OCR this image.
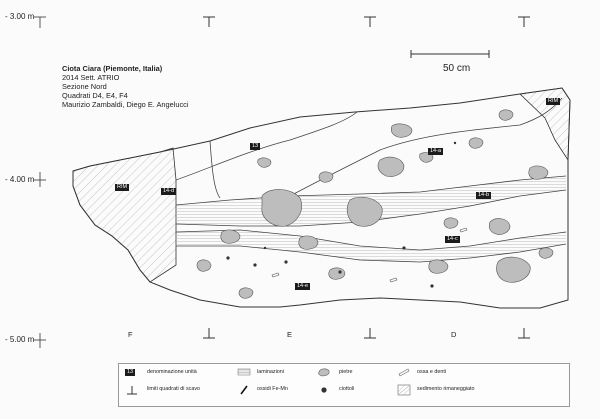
- 3.00 m
- 4.00 m
- 5.00 m
F	E	D
Ciota Ciara (Piemonte, Italia)
2014 Sett. ATRIO
Sezione Nord
Quadrati D4, E4, F4
Maurizio Zambaldi, Diego E. Angelucci
50 cm
13
14-a
14-b
14-c
14-d
14-e
RIM
RIM
13	denominazione unità
limiti quadrati di scavo
laminazioni
ossidi Fe-Mn
pietre
ciottoli
ossa e denti
sedimento rimaneggiato
